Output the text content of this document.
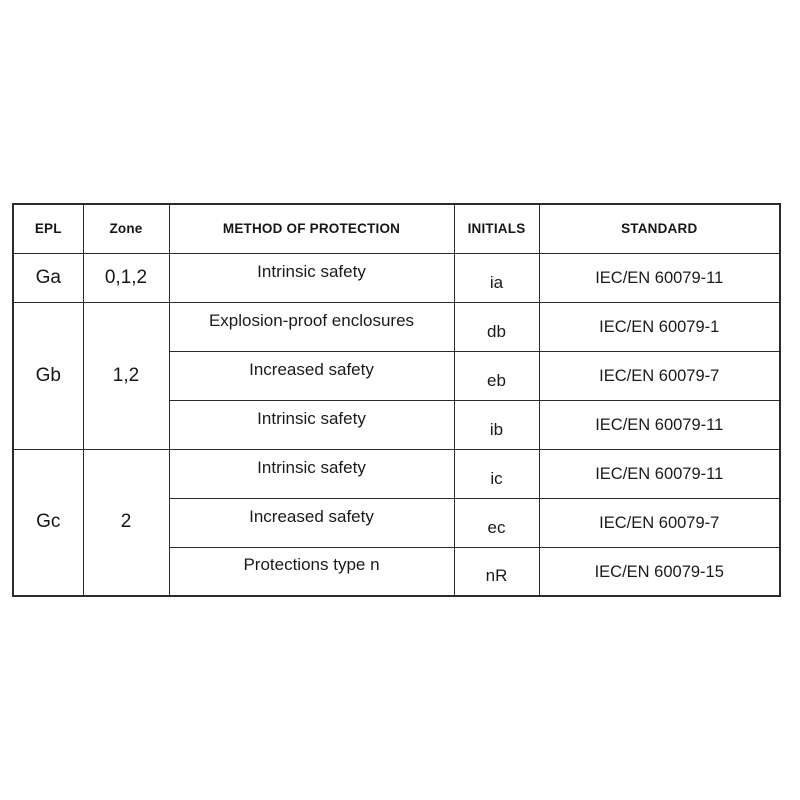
EPL	Zone	METHOD OF PROTECTION	INITIALS	STANDARD
Ga	0,1,2	Intrinsic safety	ia	IEC/EN 60079-11
Gb	1,2	Explosion-proof enclosures	db	IEC/EN 60079-1
		Increased safety	eb	IEC/EN 60079-7
		Intrinsic safety	ib	IEC/EN 60079-11
Gc	2	Intrinsic safety	ic	IEC/EN 60079-11
		Increased safety	ec	IEC/EN 60079-7
		Protections type n	nR	IEC/EN 60079-15
